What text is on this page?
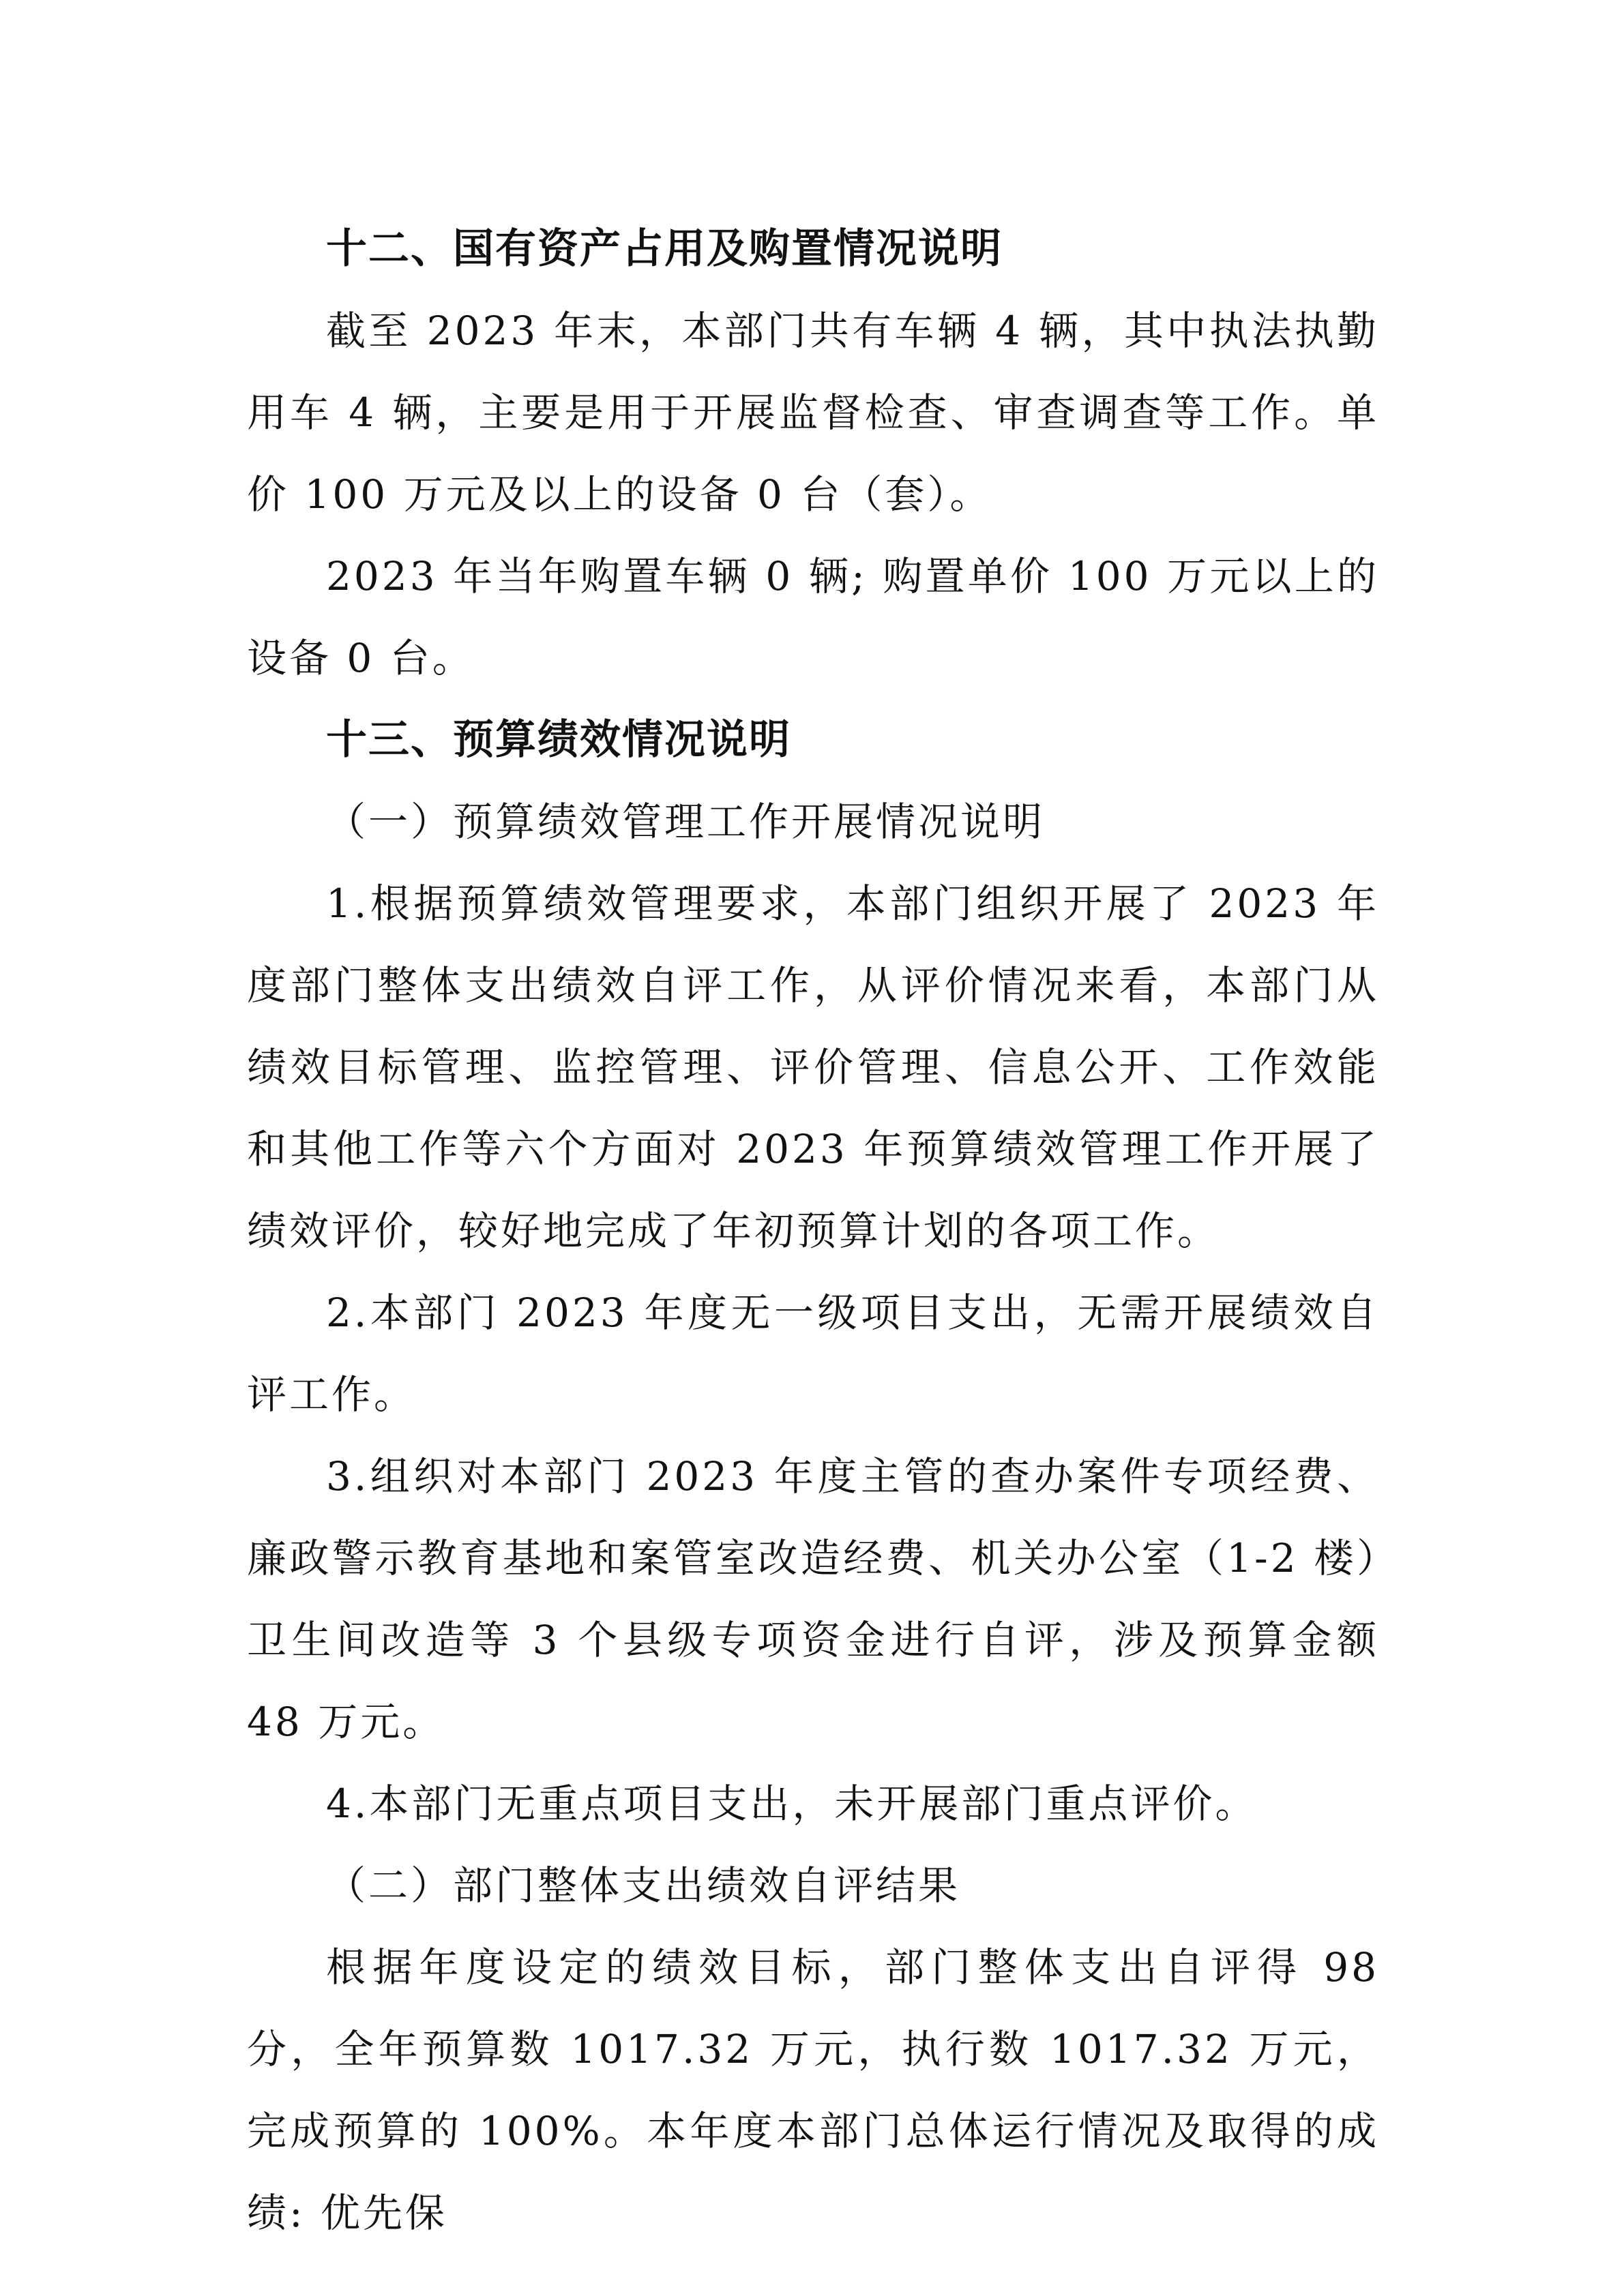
十二、国有资产占用及购置情况说明

截至 2023 年末，本部门共有车辆 4 辆，其中执法执勤用车 4 辆，主要是用于开展监督检查、审查调查等工作。单价 100 万元及以上的设备 0 台（套）。

2023 年当年购置车辆 0 辆; 购置单价 100 万元以上的设备 0 台。

十三、预算绩效情况说明

（一）预算绩效管理工作开展情况说明

1.根据预算绩效管理要求，本部门组织开展了 2023 年度部门整体支出绩效自评工作，从评价情况来看，本部门从绩效目标管理、监控管理、评价管理、信息公开、工作效能和其他工作等六个方面对 2023 年预算绩效管理工作开展了绩效评价，较好地完成了年初预算计划的各项工作。

2.本部门 2023 年度无一级项目支出，无需开展绩效自评工作。

3.组织对本部门 2023 年度主管的查办案件专项经费、廉政警示教育基地和案管室改造经费、机关办公室（1-2 楼）卫生间改造等 3 个县级专项资金进行自评，涉及预算金额 48 万元。

4.本部门无重点项目支出，未开展部门重点评价。

（二）部门整体支出绩效自评结果

根据年度设定的绩效目标，部门整体支出自评得 98 分，全年预算数 1017.32 万元，执行数 1017.32 万元，完成预算的 100%。本年度本部门总体运行情况及取得的成绩: 优先保
